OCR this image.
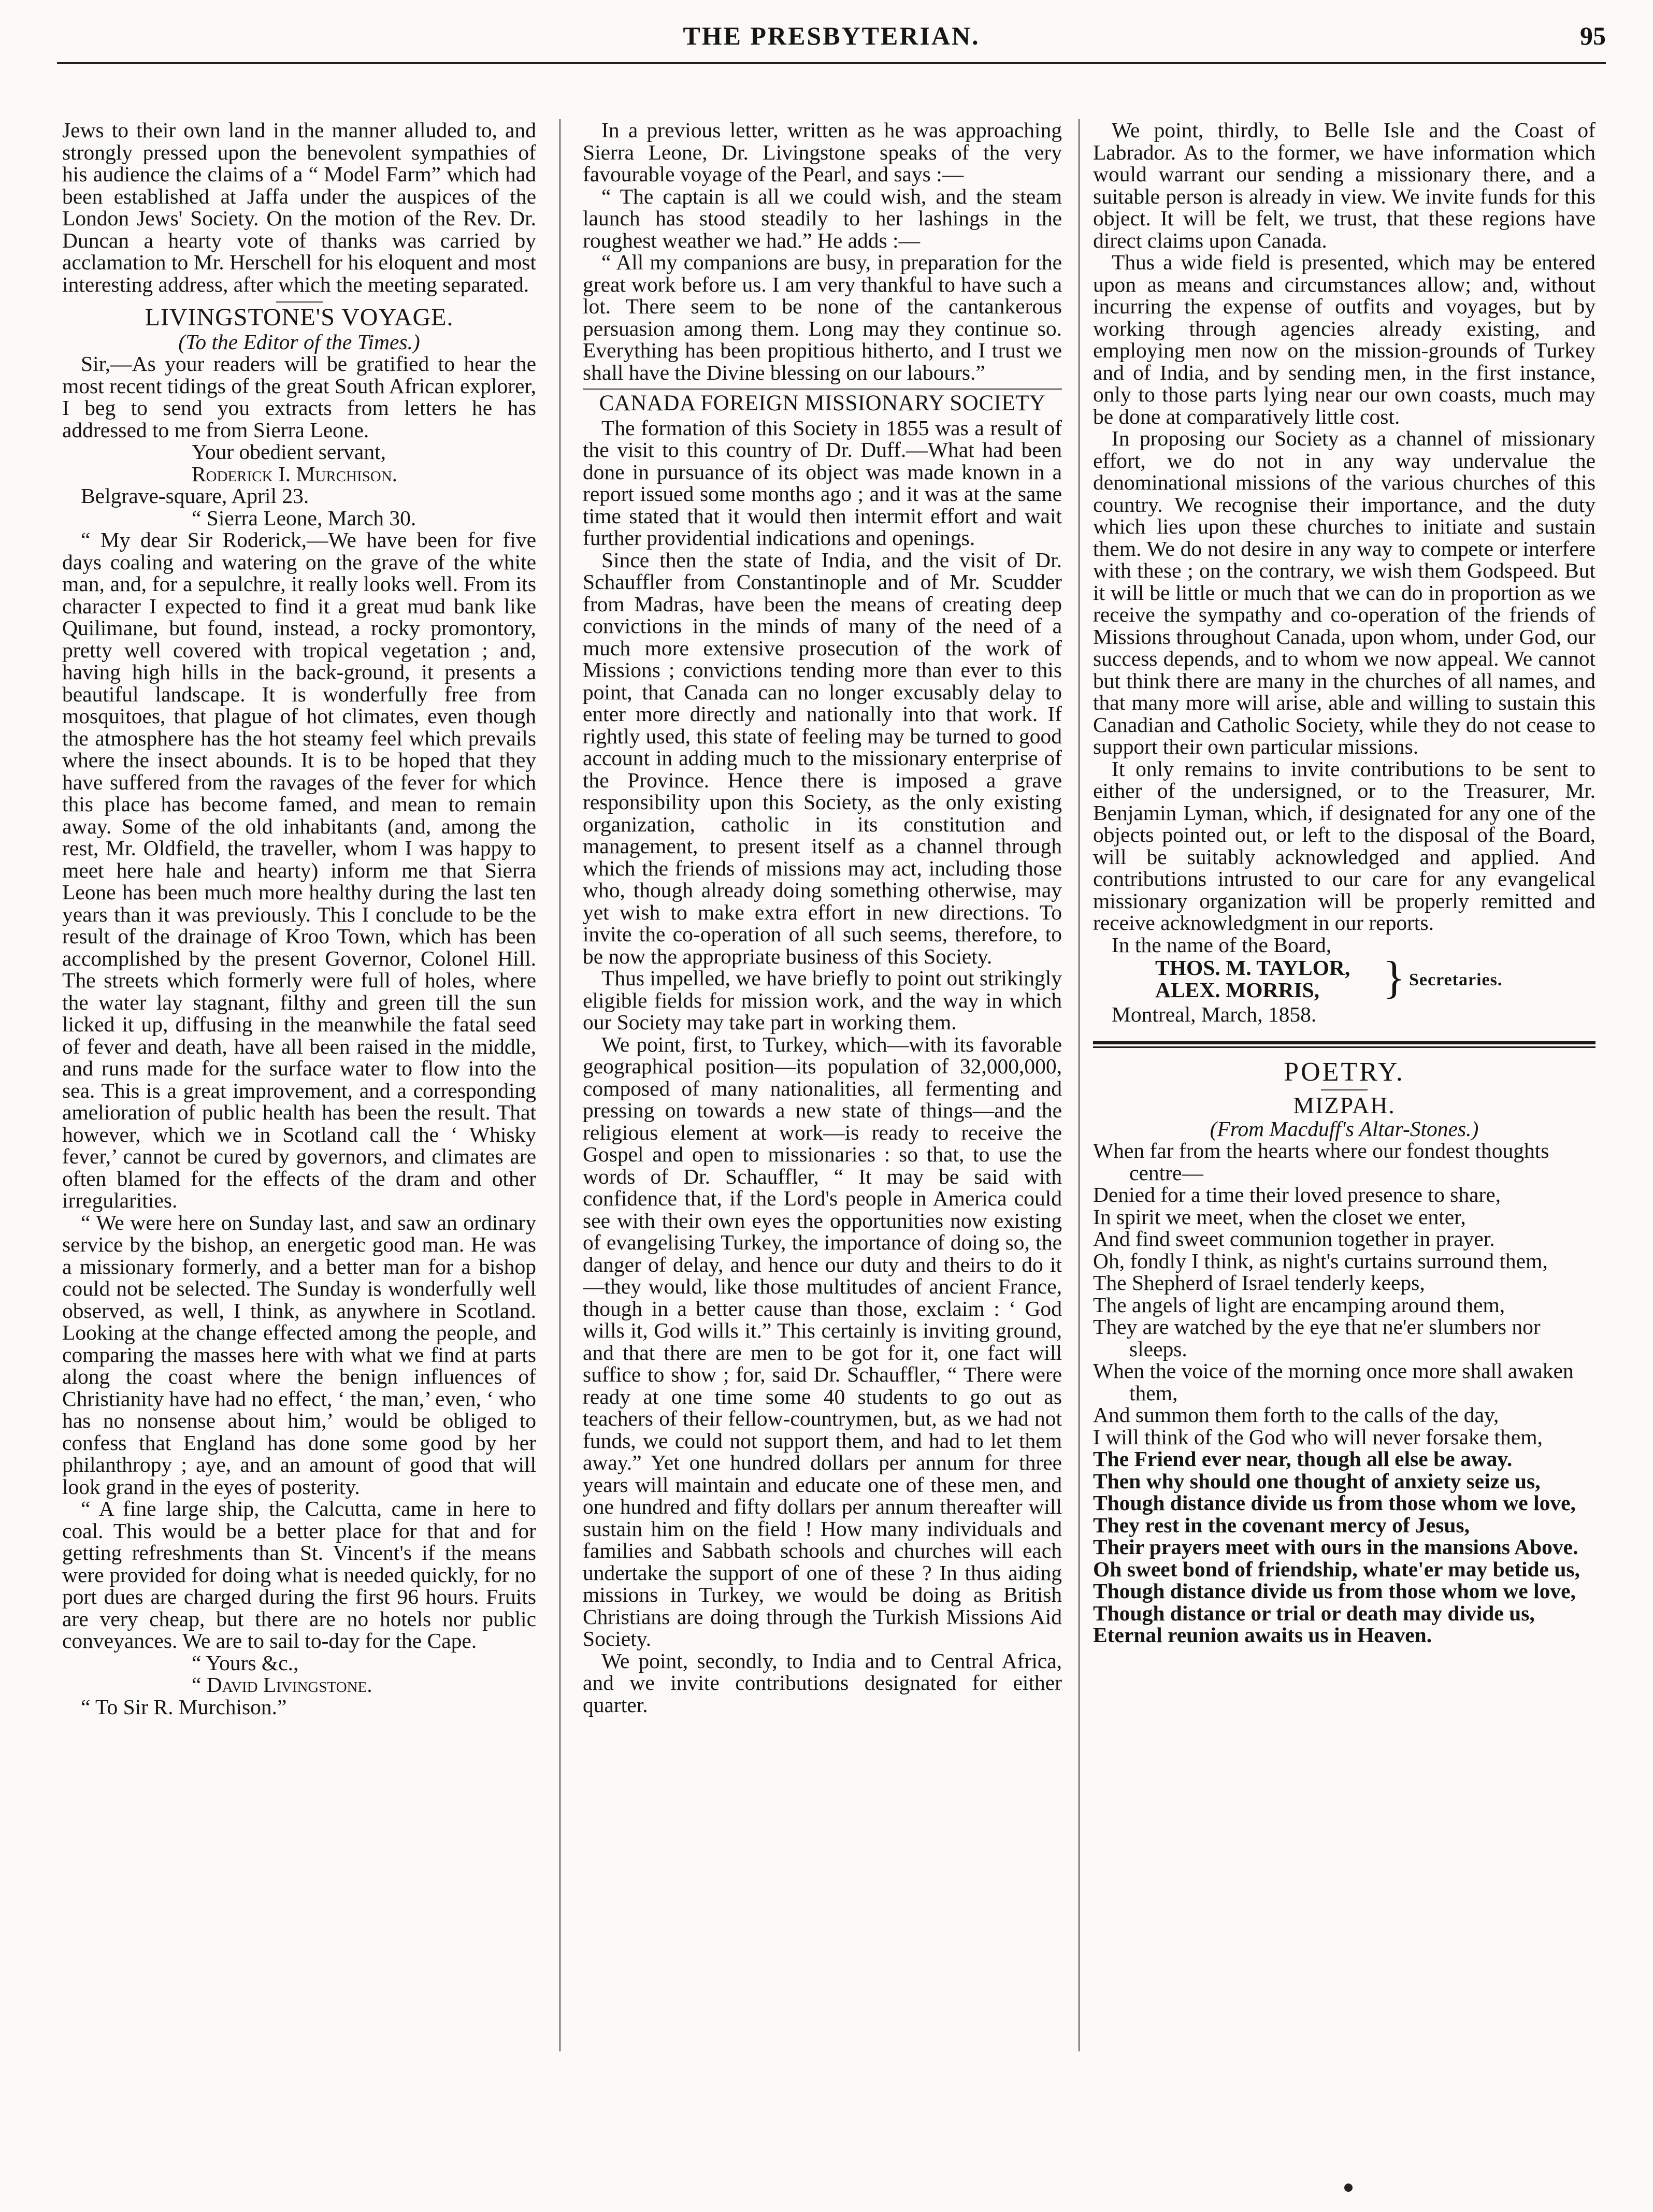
THE PRESBYTERIAN.	95

Jews to their own land in the manner alluded to, and strongly pressed upon the benevolent sympathies of his audience the claims of a “ Model Farm” which had been established at Jaffa under the auspices of the London Jews' Society. On the motion of the Rev. Dr. Duncan a hearty vote of thanks was carried by acclamation to Mr. Herschell for his eloquent and most interesting address, after which the meeting separated.

LIVINGSTONE'S VOYAGE.
(To the Editor of the Times.)

Sir,—As your readers will be gratified to hear the most recent tidings of the great South African explorer, I beg to send you extracts from letters he has addressed to me from Sierra Leone.

Your obedient servant,
Roderick I. Murchison.

Belgrave-square, April 23.

“ Sierra Leone, March 30.

“ My dear Sir Roderick,—We have been for five days coaling and watering on the grave of the white man, and, for a sepulchre, it really looks well. From its character I expected to find it a great mud bank like Quilimane, but found, instead, a rocky promontory, pretty well covered with tropical vegetation ; and, having high hills in the back-ground, it presents a beautiful landscape. It is wonderfully free from mosquitoes, that plague of hot climates, even though the atmosphere has the hot steamy feel which prevails where the insect abounds. It is to be hoped that they have suffered from the ravages of the fever for which this place has become famed, and mean to remain away. Some of the old inhabitants (and, among the rest, Mr. Oldfield, the traveller, whom I was happy to meet here hale and hearty) inform me that Sierra Leone has been much more healthy during the last ten years than it was previously. This I conclude to be the result of the drainage of Kroo Town, which has been accomplished by the present Governor, Colonel Hill. The streets which formerly were full of holes, where the water lay stagnant, filthy and green till the sun licked it up, diffusing in the meanwhile the fatal seed of fever and death, have all been raised in the middle, and runs made for the surface water to flow into the sea. This is a great improvement, and a corresponding amelioration of public health has been the result. That however, which we in Scotland call the ‘ Whisky fever,’ cannot be cured by governors, and climates are often blamed for the effects of the dram and other irregularities.

“ We were here on Sunday last, and saw an ordinary service by the bishop, an energetic good man. He was a missionary formerly, and a better man for a bishop could not be selected. The Sunday is wonderfully well observed, as well, I think, as anywhere in Scotland. Looking at the change effected among the people, and comparing the masses here with what we find at parts along the coast where the benign influences of Christianity have had no effect, ‘ the man,’ even, ‘ who has no nonsense about him,’ would be obliged to confess that England has done some good by her philanthropy ; aye, and an amount of good that will look grand in the eyes of posterity.

“ A fine large ship, the Calcutta, came in here to coal. This would be a better place for that and for getting refreshments than St. Vincent's if the means were provided for doing what is needed quickly, for no port dues are charged during the first 96 hours. Fruits are very cheap, but there are no hotels nor public conveyances. We are to sail to-day for the Cape.

“ Yours &c.,
“ David Livingstone.

“ To Sir R. Murchison.”

In a previous letter, written as he was approaching Sierra Leone, Dr. Livingstone speaks of the very favourable voyage of the Pearl, and says :—

“ The captain is all we could wish, and the steam launch has stood steadily to her lashings in the roughest weather we had.” He adds :—

“ All my companions are busy, in preparation for the great work before us. I am very thankful to have such a lot. There seem to be none of the cantankerous persuasion among them. Long may they continue so. Everything has been propitious hitherto, and I trust we shall have the Divine blessing on our labours.”

CANADA FOREIGN MISSIONARY SOCIETY

The formation of this Society in 1855 was a result of the visit to this country of Dr. Duff.—What had been done in pursuance of its object was made known in a report issued some months ago ; and it was at the same time stated that it would then intermit effort and wait further providential indications and openings.

Since then the state of India, and the visit of Dr. Schauffler from Constantinople and of Mr. Scudder from Madras, have been the means of creating deep convictions in the minds of many of the need of a much more extensive prosecution of the work of Missions ; convictions tending more than ever to this point, that Canada can no longer excusably delay to enter more directly and nationally into that work. If rightly used, this state of feeling may be turned to good account in adding much to the missionary enterprise of the Province. Hence there is imposed a grave responsibility upon this Society, as the only existing organization, catholic in its constitution and management, to present itself as a channel through which the friends of missions may act, including those who, though already doing something otherwise, may yet wish to make extra effort in new directions. To invite the co-operation of all such seems, therefore, to be now the appropriate business of this Society.

Thus impelled, we have briefly to point out strikingly eligible fields for mission work, and the way in which our Society may take part in working them.

We point, first, to Turkey, which—with its favorable geographical position—its population of 32,000,000, composed of many nationalities, all fermenting and pressing on towards a new state of things—and the religious element at work—is ready to receive the Gospel and open to missionaries : so that, to use the words of Dr. Schauffler, “ It may be said with confidence that, if the Lord's people in America could see with their own eyes the opportunities now existing of evangelising Turkey, the importance of doing so, the danger of delay, and hence our duty and theirs to do it—they would, like those multitudes of ancient France, though in a better cause than those, exclaim : ‘ God wills it, God wills it.” This certainly is inviting ground, and that there are men to be got for it, one fact will suffice to show ; for, said Dr. Schauffler, “ There were ready at one time some 40 students to go out as teachers of their fellow-countrymen, but, as we had not funds, we could not support them, and had to let them away.” Yet one hundred dollars per annum for three years will maintain and educate one of these men, and one hundred and fifty dollars per annum thereafter will sustain him on the field ! How many individuals and families and Sabbath schools and churches will each undertake the support of one of these ? In thus aiding missions in Turkey, we would be doing as British Christians are doing through the Turkish Missions Aid Society.

We point, secondly, to India and to Central Africa, and we invite contributions designated for either quarter.

We point, thirdly, to Belle Isle and the Coast of Labrador. As to the former, we have information which would warrant our sending a missionary there, and a suitable person is already in view. We invite funds for this object. It will be felt, we trust, that these regions have direct claims upon Canada.

Thus a wide field is presented, which may be entered upon as means and circumstances allow; and, without incurring the expense of outfits and voyages, but by working through agencies already existing, and employing men now on the mission-grounds of Turkey and of India, and by sending men, in the first instance, only to those parts lying near our own coasts, much may be done at comparatively little cost.

In proposing our Society as a channel of missionary effort, we do not in any way undervalue the denominational missions of the various churches of this country. We recognise their importance, and the duty which lies upon these churches to initiate and sustain them. We do not desire in any way to compete or interfere with these ; on the contrary, we wish them Godspeed. But it will be little or much that we can do in proportion as we receive the sympathy and co-operation of the friends of Missions throughout Canada, upon whom, under God, our success depends, and to whom we now appeal. We cannot but think there are many in the churches of all names, and that many more will arise, able and willing to sustain this Canadian and Catholic Society, while they do not cease to support their own particular missions.

It only remains to invite contributions to be sent to either of the undersigned, or to the Treasurer, Mr. Benjamin Lyman, which, if designated for any one of the objects pointed out, or left to the disposal of the Board, will be suitably acknowledged and applied. And contributions intrusted to our care for any evangelical missionary organization will be properly remitted and receive acknowledgment in our reports.

In the name of the Board,

THOS. M. TAYLOR,
ALEX. MORRIS,	} Secretaries.

Montreal, March, 1858.

POETRY.
MIZPAH.
(From Macduff's Altar-Stones.)
When far from the hearts where our fondest thoughts centre—
Denied for a time their loved presence to share,
In spirit we meet, when the closet we enter,
And find sweet communion together in prayer.
Oh, fondly I think, as night's curtains surround them,
The Shepherd of Israel tenderly keeps,
The angels of light are encamping around them,
They are watched by the eye that ne'er slumbers nor sleeps.
When the voice of the morning once more shall awaken them,
And summon them forth to the calls of the day,
I will think of the God who will never forsake them,
The Friend ever near, though all else be away.
Then why should one thought of anxiety seize us,
Though distance divide us from those whom we love,
They rest in the covenant mercy of Jesus,
Their prayers meet with ours in the mansions Above.
Oh sweet bond of friendship, whate'er may betide us,
Though distance divide us from those whom we love,
Though distance or trial or death may divide us,
Eternal reunion awaits us in Heaven.
